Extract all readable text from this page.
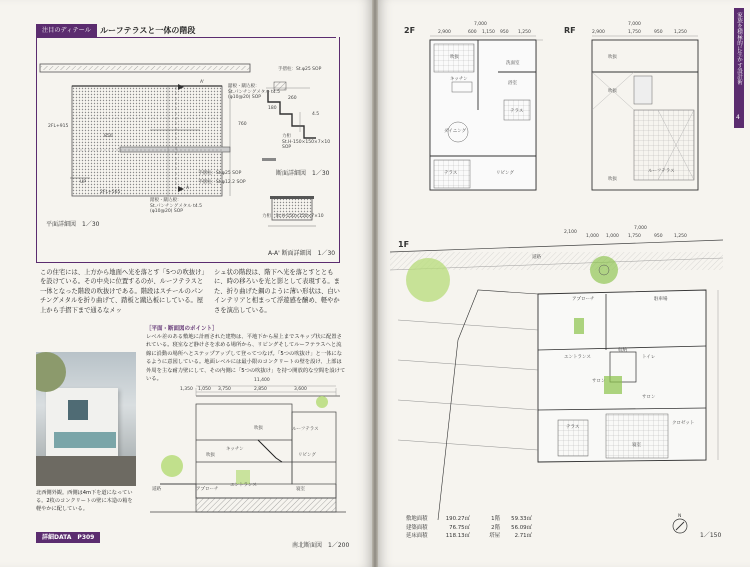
注目のディテール	ルーフテラスと一体の階段
2FL+915
2FL+565
UP
A'
A
760
850
踏板・蹴込板：
St.パンチングメタル t4.5
(φ10@20) SOP
手摺柱：St.φ25 SOP
4.5
260
180
力桁
St.H-150×150×7×10
SOP
手摺柱：St.φ25 SOP
手摺柱：St.φ12.2 SOP
踏板・蹴込板：
St.パンチングメタル t4.5
(φ10@20) SOP
力桁：St.H-150×150×7×10
平面詳細図　1／30
断面詳細図　1／30
A-A' 断面詳細図　1／30
この住宅には、上方から地面へ光を落とす「5つの吹抜け」を設けている。その中央に位置するのが、ルーフテラスと一体となった階段の吹抜けである。階段はスチールのパンチングメタルを折り曲げて、踏板と蹴込板にしている。屋上から手摺下まで通るなメッ
シュ状の階段は、階下へ光を落とすとともに、時の移ろいを光と影として表現する。また、折り曲げた鋼のように薄い形状は、白いインテリアと相まって浮遊感を醸め、軽やかさを演出している。
［平面・断面図のポイント］
レベル差のある敷地に計画された建物は、平地下から屋上までスキップ状に配置されている。寝室など静けさを求める場所から、リビングそしてルーフテラスへと流線に沿動の場所へとステップアップして登ってつなげ。「5つの吹抜け」と一体になるように意図している。地面レベルには最小限のコンクリートの壁を設け、上部は外周を主な耐力壁にして、その内側に「5つの吹抜け」を持つ開放的な空間を設けている。
北西側外観。西側は4m下を道になっている。2枚のコンクリートの壁に木造の箱を軽やかに配している。
11,400
1,050 3,750	2,850	3,600
1,350
吹抜	ルーフテラス
キッチン
リビング
吹抜
エントランス
寝室
アプローチ
道路
南北断面図　1／200
詳細DATA　P309
家族を積極的に生かす設計術
4
2F
7,000
2,900	600 1,150 950 1,250	RF
7,000
2,900	1,750	950	1,250
吹抜
キッチン
洗面室
浴室
ダイニング
テラス
テラス	リビング
吹抜
吹抜
ルーフテラス
吹抜
1F
7,000
2,100
1,000 1,000 1,750	950	1,250
道路
アプローチ	駐車場
エントランス
収納
トイレ
サロン
サロン
テラス
寝室
クロゼット
敷地面積	190.27㎡	1階	59.33㎡
建築面積	76.75㎡	2階	56.09㎡
延床面積	118.13㎡	塔屋	2.71㎡	1／150
N
